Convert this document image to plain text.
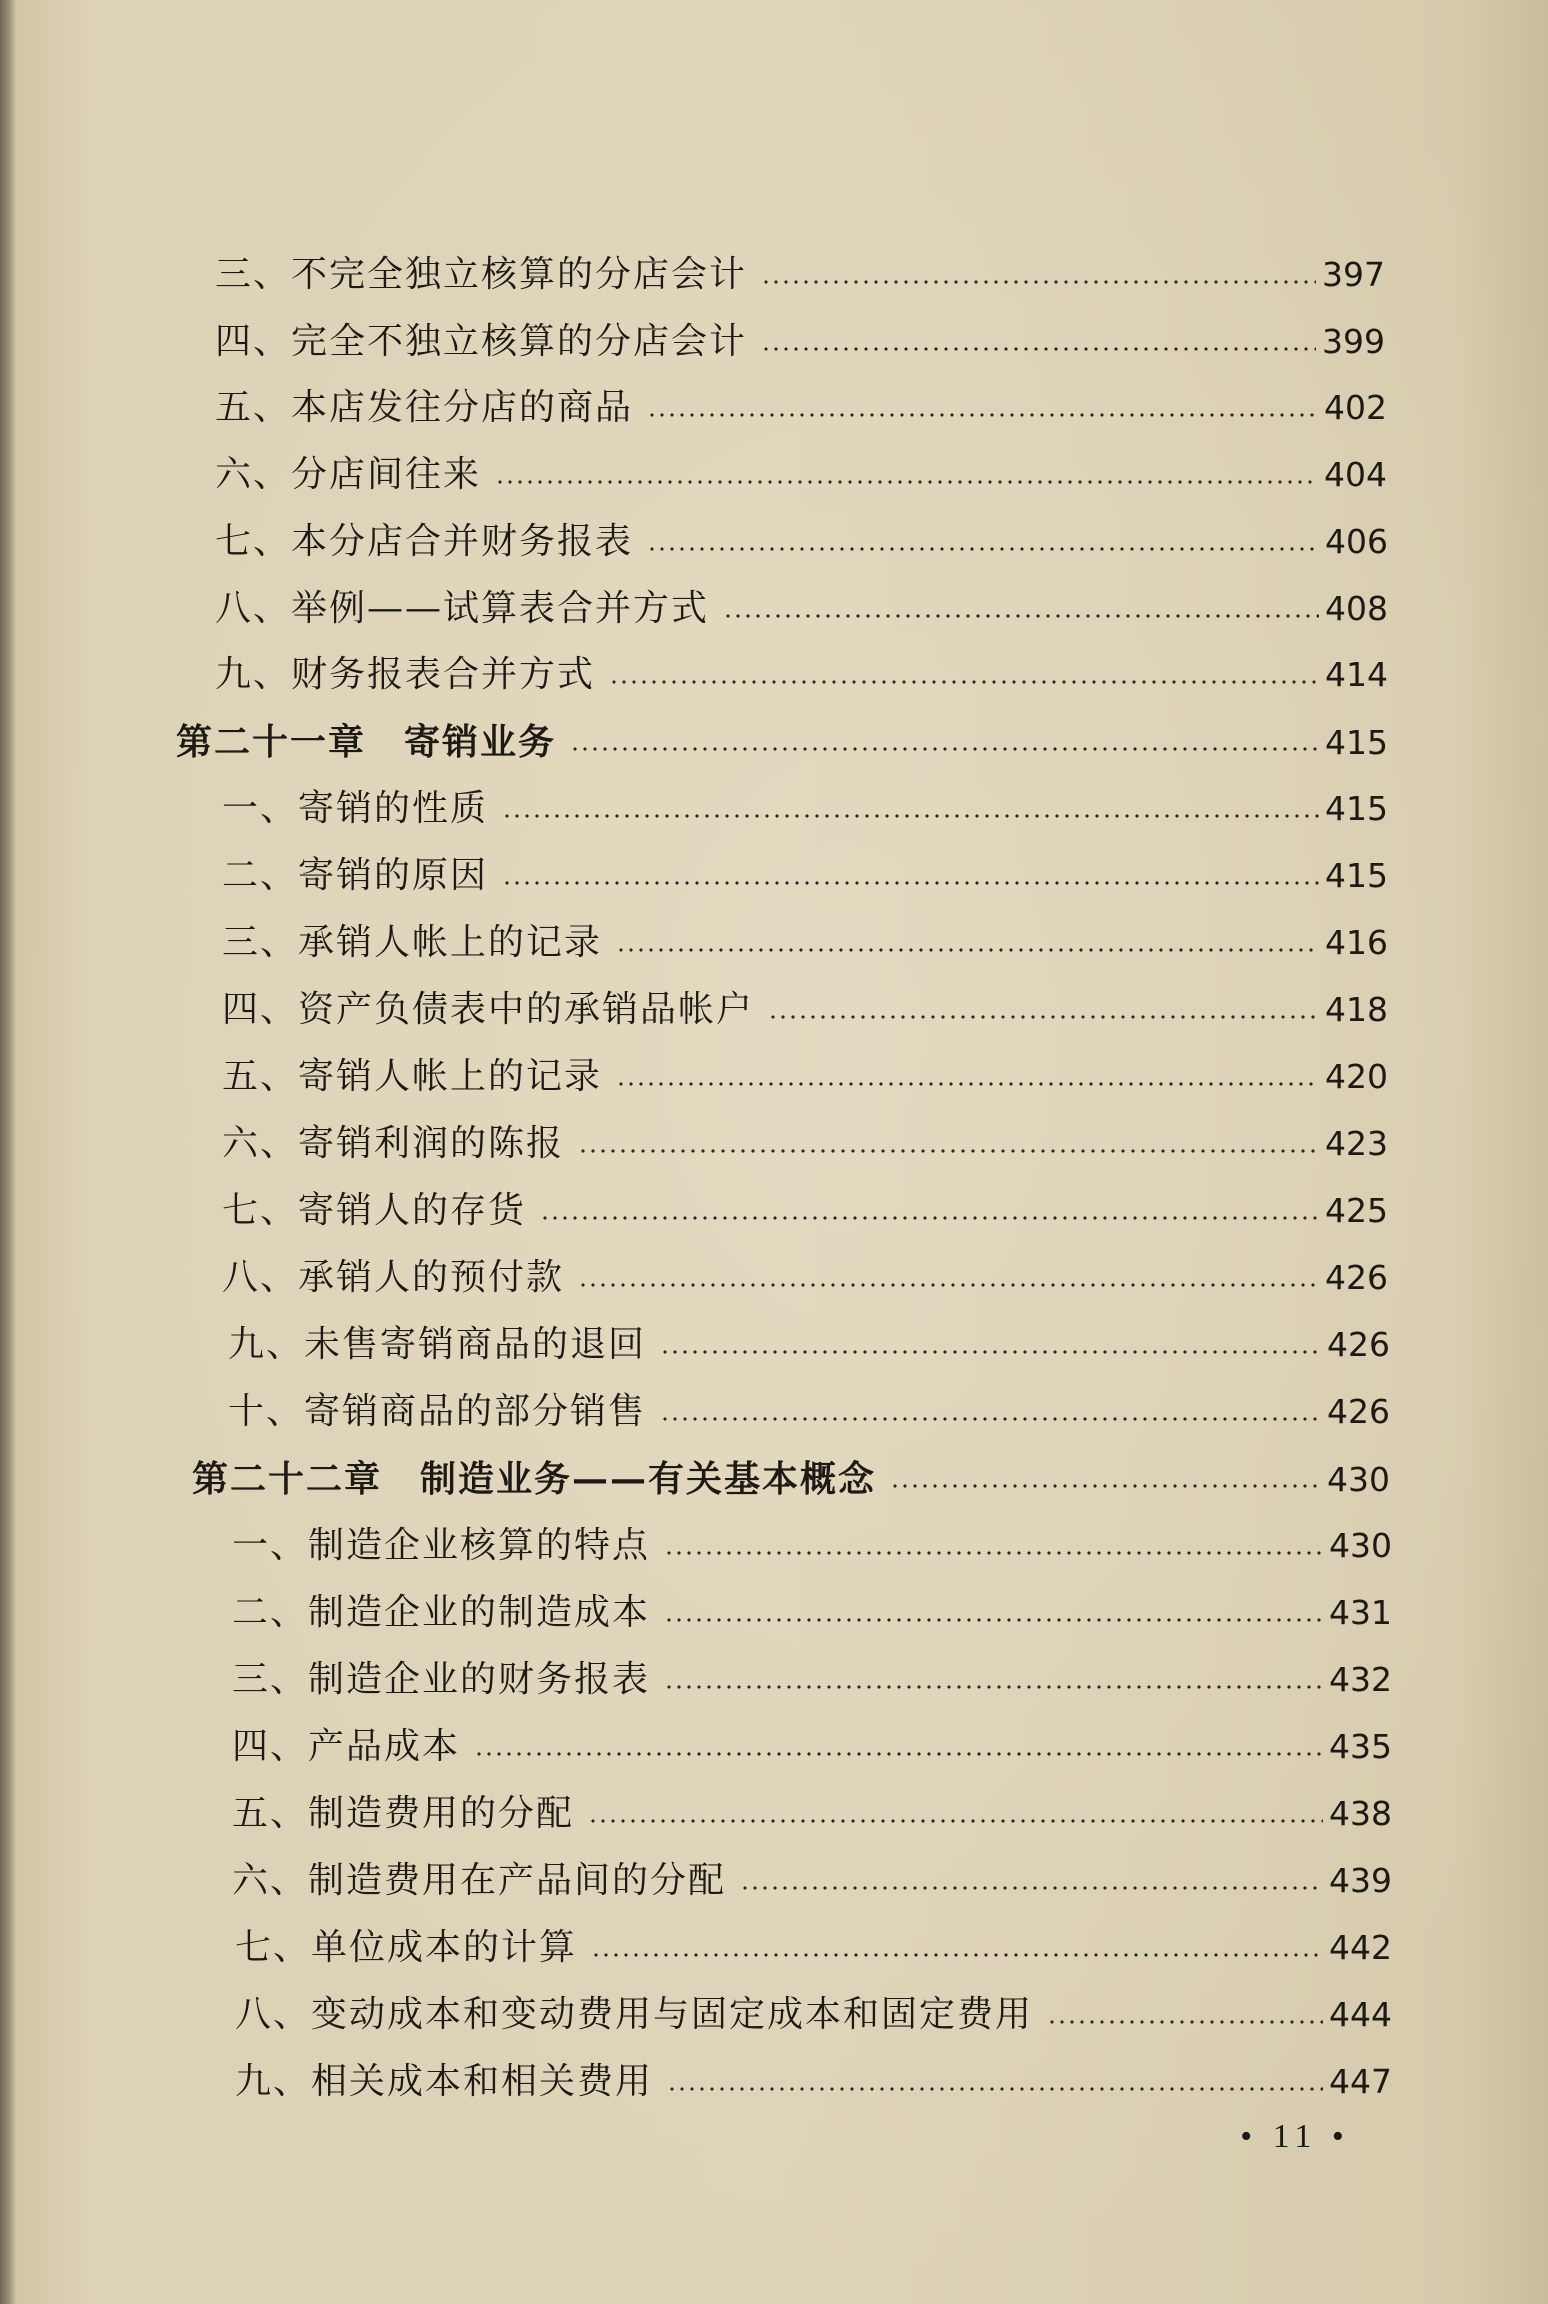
三、不完全独立核算的分店会计	397
四、完全不独立核算的分店会计	399
五、本店发往分店的商品	402
六、分店间往来	404
七、本分店合并财务报表	406
八、举例——试算表合并方式	408
九、财务报表合并方式	414
第二十一章　寄销业务	415
一、寄销的性质	415
二、寄销的原因	415
三、承销人帐上的记录	416
四、资产负债表中的承销品帐户	418
五、寄销人帐上的记录	420
六、寄销利润的陈报	423
七、寄销人的存货	425
八、承销人的预付款	426
九、未售寄销商品的退回	426
十、寄销商品的部分销售	426
第二十二章　制造业务——有关基本概念	430
一、制造企业核算的特点	430
二、制造企业的制造成本	431
三、制造企业的财务报表	432
四、产品成本	435
五、制造费用的分配	438
六、制造费用在产品间的分配	439
七、单位成本的计算	442
八、变动成本和变动费用与固定成本和固定费用	444
九、相关成本和相关费用	447
• 11 •
